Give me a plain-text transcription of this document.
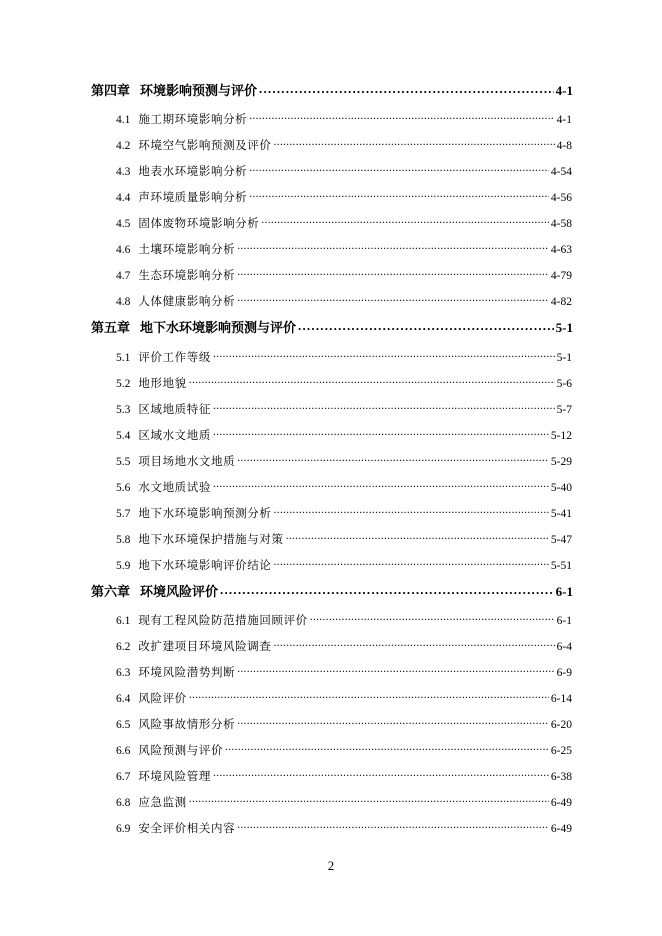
第四章 环境影响预测与评价 .....	4-1
4.1 施工期环境影响分析 .....	4-1
4.2 环境空气影响预测及评价 .....	4-8
4.3 地表水环境影响分析 .....	4-54
4.4 声环境质量影响分析 .....	4-56
4.5 固体废物环境影响分析 .....	4-58
4.6 土壤环境影响分析 .....	4-63
4.7 生态环境影响分析 .....	4-79
4.8 人体健康影响分析 .....	4-82
第五章 地下水环境影响预测与评价 .....	5-1
5.1 评价工作等级 .....	5-1
5.2 地形地貌 .....	5-6
5.3 区域地质特征 .....	5-7
5.4 区域水文地质 .....	5-12
5.5 项目场地水文地质 .....	5-29
5.6 水文地质试验 .....	5-40
5.7 地下水环境影响预测分析 .....	5-41
5.8 地下水环境保护措施与对策 .....	5-47
5.9 地下水环境影响评价结论 .....	5-51
第六章 环境风险评价 .....	6-1
6.1 现有工程风险防范措施回顾评价 .....	6-1
6.2 改扩建项目环境风险调查 .....	6-4
6.3 环境风险潜势判断 .....	6-9
6.4 风险评价 .....	6-14
6.5 风险事故情形分析 .....	6-20
6.6 风险预测与评价 .....	6-25
6.7 环境风险管理 .....	6-38
6.8 应急监测 .....	6-49
6.9 安全评价相关内容 .....	6-49
2
